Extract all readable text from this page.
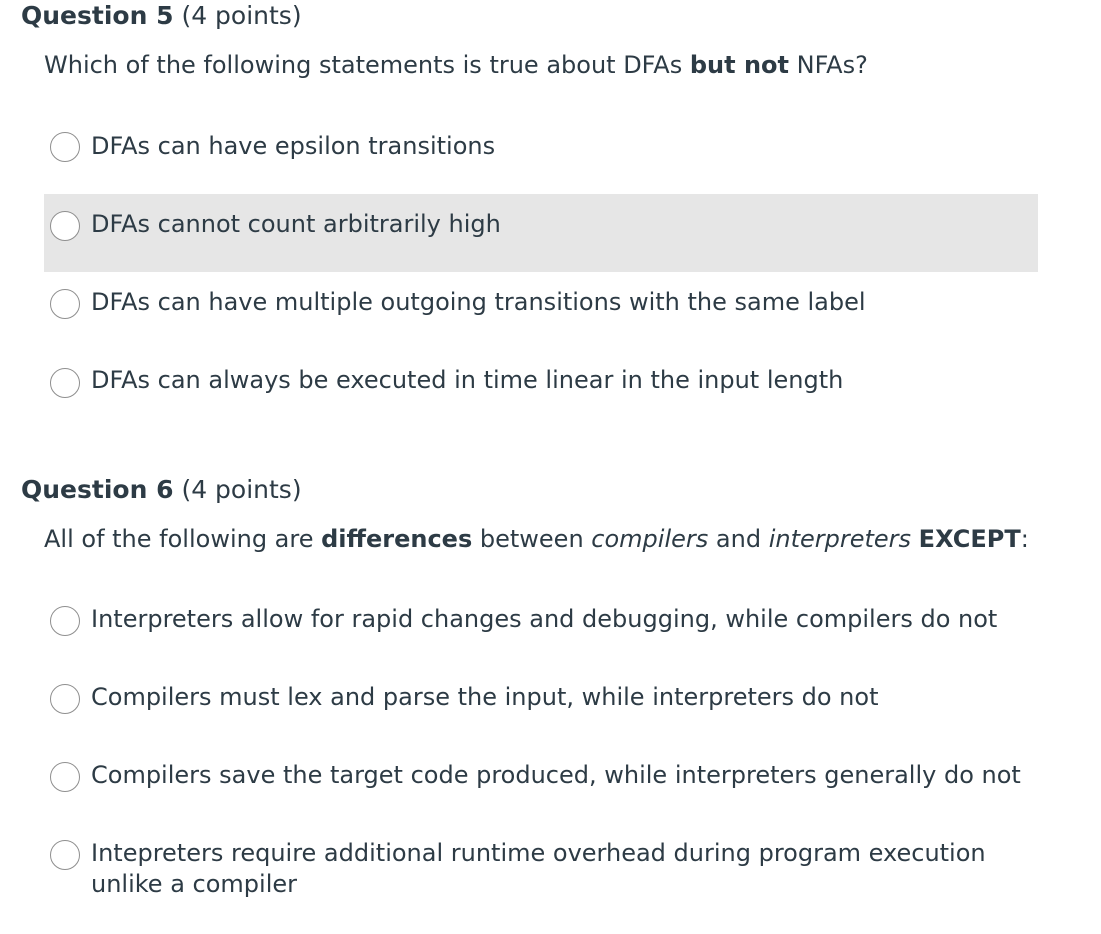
Question 5 (4 points)
Which of the following statements is true about DFAs but not NFAs?
DFAs can have epsilon transitions
DFAs cannot count arbitrarily high
DFAs can have multiple outgoing transitions with the same label
DFAs can always be executed in time linear in the input length
Question 6 (4 points)
All of the following are differences between compilers and interpreters EXCEPT:
Interpreters allow for rapid changes and debugging, while compilers do not
Compilers must lex and parse the input, while interpreters do not
Compilers save the target code produced, while interpreters generally do not
Intepreters require additional runtime overhead during program execution unlike a compiler
